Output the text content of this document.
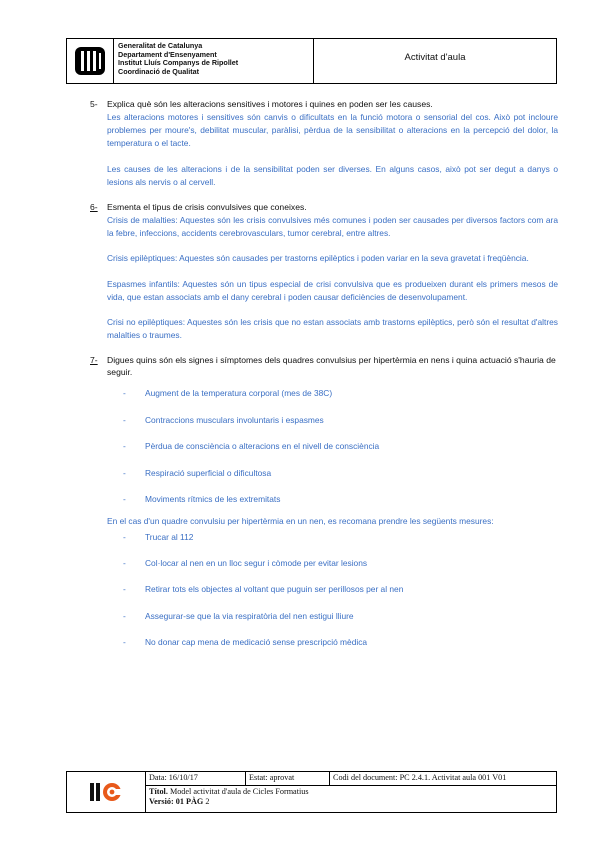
Generalitat de Catalunya
Departament d'Ensenyament
Institut Lluís Companys de Ripollet
Coordinació de Qualitat
Activitat d'aula
5- Explica què són les alteracions sensitives i motores i quines en poden ser les causes.
Les alteracions motores i sensitives són canvis o dificultats en la funció motora o sensorial del cos. Això pot incloure problemes per moure's, debilitat muscular, paràlisi, pèrdua de la sensibilitat o alteracions en la percepció del dolor, la temperatura o el tacte.
Les causes de les alteracions i de la sensibilitat poden ser diverses. En alguns casos, això pot ser degut a danys o lesions als nervis o al cervell.
6- Esmenta el tipus de crisis convulsives que coneixes.
Crisis de malalties: Aquestes són les crisis convulsives més comunes i poden ser causades per diversos factors com ara la febre, infeccions, accidents cerebrovasculars, tumor cerebral, entre altres.
Crisis epilèptiques: Aquestes són causades per trastorns epilèptics i poden variar en la seva gravetat i freqüència.
Espasmes infantils: Aquestes són un tipus especial de crisi convulsiva que es produeixen durant els primers mesos de vida, que estan associats amb el dany cerebral i poden causar deficiències de desenvolupament.
Crisi no epilèptiques: Aquestes són les crisis que no estan associats amb trastorns epilèptics, però són el resultat d'altres malalties o traumes.
7-	Digues quins són els signes i símptomes dels quadres convulsius per hipertèrmia en nens i quina actuació s'hauria de seguir.
-	Augment de la temperatura corporal (mes de 38C)
-	Contraccions musculars involuntaris i espasmes
-	Pèrdua de consciència o alteracions en el nivell de consciència
-	Respiració superficial o dificultosa
-	Moviments rítmics de les extremitats
En el cas d'un quadre convulsiu per hipertèrmia en un nen, es recomana prendre les següents mesures:
-	Trucar al 112
-	Col·locar al nen en un lloc segur i còmode per evitar lesions
-	Retirar tots els objectes al voltant que puguin ser perillosos per al nen
-	Assegurar-se que la via respiratòria del nen estigui lliure
-	No donar cap mena de medicació sense prescripció mèdica
Data: 16/10/17	Estat: aprovat	Codi del document: PC 2.4.1. Activitat aula 001 V01
Títol. Model activitat d'aula de Cicles Formatius
Versió: 01 PÀG 2
